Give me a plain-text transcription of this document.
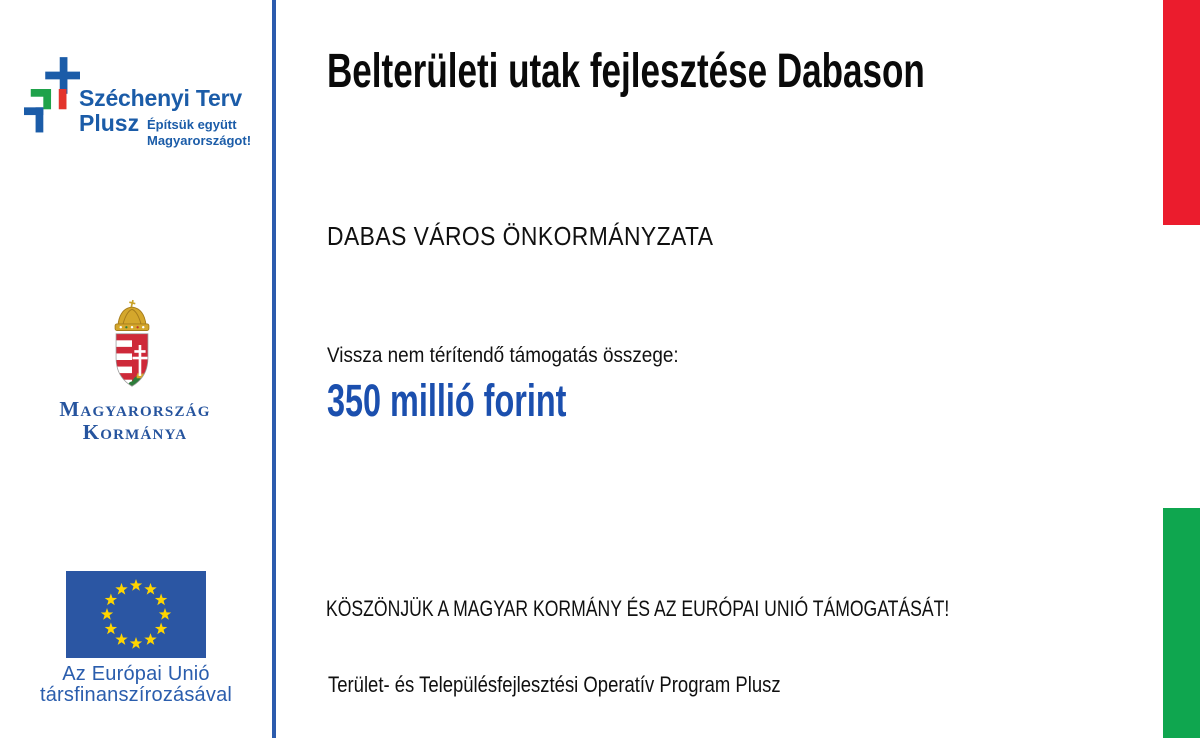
Széchenyi Terv
Plusz Építsük együtt
Magyarországot!
Magyarország
Kormánya
Az Európai Unió
társfinanszírozásával
Belterületi utak fejlesztése Dabason
DABAS VÁROS ÖNKORMÁNYZATA
Vissza nem térítendő támogatás összege:
350 millió forint
KÖSZÖNJÜK A MAGYAR KORMÁNY ÉS AZ EURÓPAI UNIÓ TÁMOGATÁSÁT!
Terület- és Településfejlesztési Operatív Program Plusz
